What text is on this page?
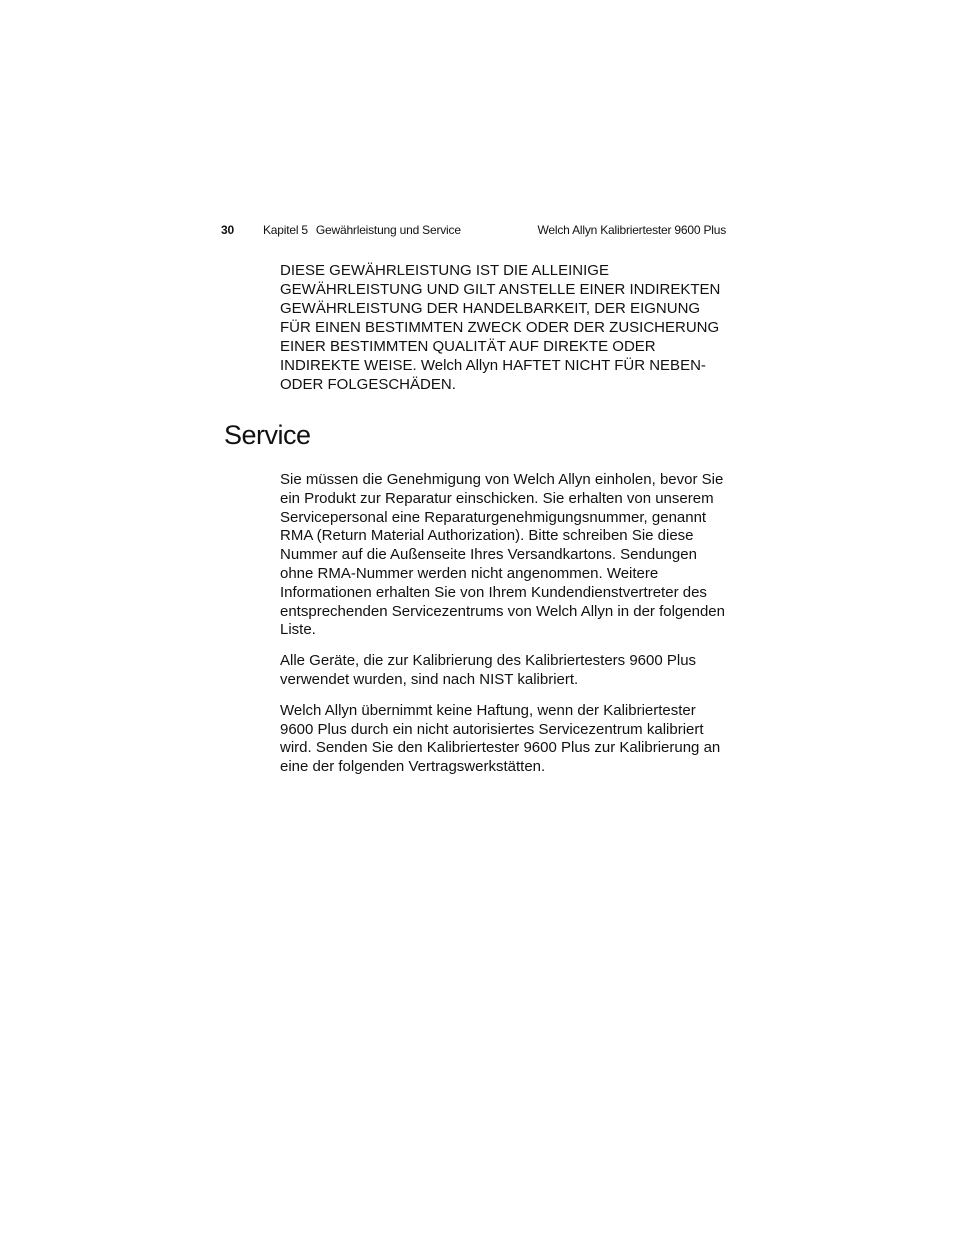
30 Kapitel 5 Gewährleistung und Service	Welch Allyn Kalibriertester 9600 Plus

DIESE GEWÄHRLEISTUNG IST DIE ALLEINIGE GEWÄHRLEISTUNG UND GILT ANSTELLE EINER INDIREKTEN GEWÄHRLEISTUNG DER HANDELBARKEIT, DER EIGNUNG FÜR EINEN BESTIMMTEN ZWECK ODER DER ZUSICHERUNG EINER BESTIMMTEN QUALITÄT AUF DIREKTE ODER INDIREKTE WEISE. Welch Allyn HAFTET NICHT FÜR NEBEN- ODER FOLGESCHÄDEN.

Service

Sie müssen die Genehmigung von Welch Allyn einholen, bevor Sie ein Produkt zur Reparatur einschicken. Sie erhalten von unserem Servicepersonal eine Reparaturgenehmigungsnummer, genannt RMA (Return Material Authorization). Bitte schreiben Sie diese Nummer auf die Außenseite Ihres Versandkartons. Sendungen ohne RMA-Nummer werden nicht angenommen. Weitere Informationen erhalten Sie von Ihrem Kundendienstvertreter des entsprechenden Servicezentrums von Welch Allyn in der folgenden Liste.

Alle Geräte, die zur Kalibrierung des Kalibriertesters 9600 Plus verwendet wurden, sind nach NIST kalibriert.

Welch Allyn übernimmt keine Haftung, wenn der Kalibriertester 9600 Plus durch ein nicht autorisiertes Servicezentrum kalibriert wird. Senden Sie den Kalibriertester 9600 Plus zur Kalibrierung an eine der folgenden Vertragswerkstätten.
